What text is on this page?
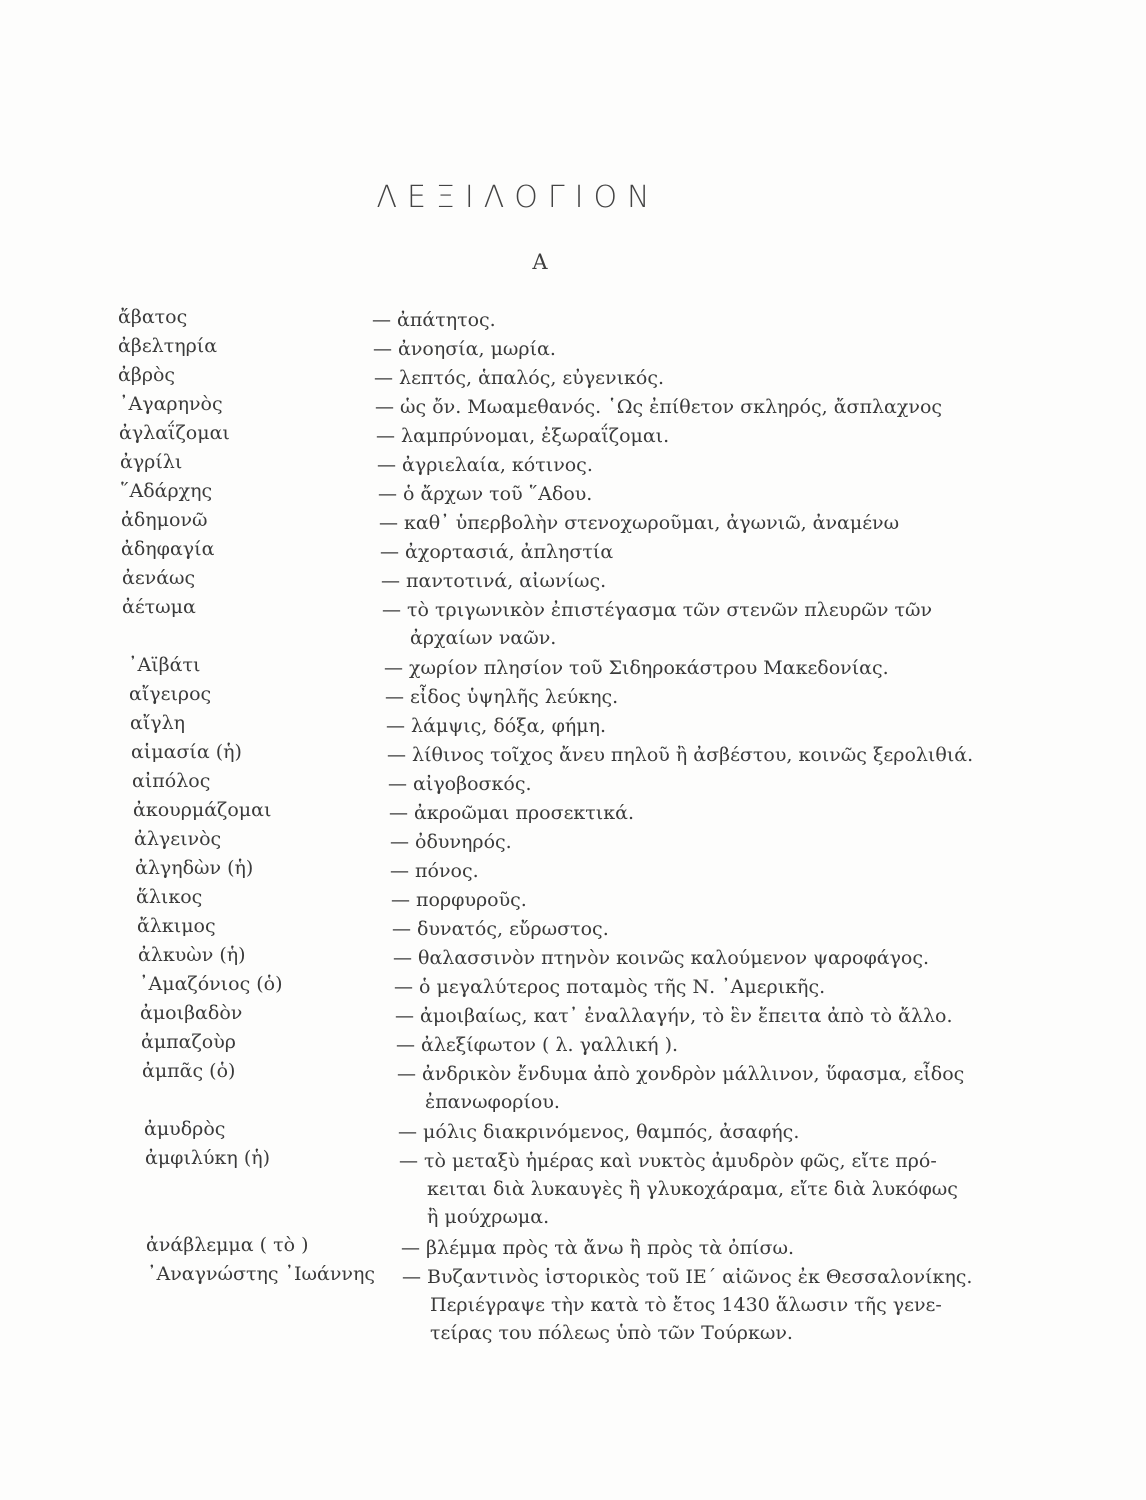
ΛΕΞΙΛΟΓΙΟΝ
Α
ἄβατος	— ἀπάτητος.
ἀβελτηρία	— ἀνοησία, μωρία.
ἀβρὸς	— λεπτός, ἁπαλός, εὐγενικός.
᾿Αγαρηνὸς	— ὡς ὄν. Μωαμεθανός. ῾Ως ἐπίθετον σκληρός, ἄσπλαχνος
ἀγλαΐζομαι	— λαμπρύνομαι, ἐξωραΐζομαι.
ἀγρίλι	— ἀγριελαία, κότινος.
῞Αδάρχης	— ὁ ἄρχων τοῦ ῞Αδου.
ἀδημονῶ	— καθ᾿ ὑπερβολὴν στενοχωροῦμαι, ἀγωνιῶ, ἀναμένω
ἀδηφαγία	— ἀχορτασιά, ἀπληστία
ἀενάως	— παντοτινά, αἰωνίως.
ἀέτωμα	— τὸ τριγωνικὸν ἐπιστέγασμα τῶν στενῶν πλευρῶν τῶν
ἀρχαίων ναῶν.
᾿Αϊβάτι	— χωρίον πλησίον τοῦ Σιδηροκάστρου Μακεδονίας.
αἴγειρος	— εἶδος ὑψηλῆς λεύκης.
αἴγλη	— λάμψις, δόξα, φήμη.
αἱμασία (ἡ)	— λίθινος τοῖχος ἄνευ πηλοῦ ἢ ἀσβέστου, κοινῶς ξερολιθιά.
αἰπόλος	— αἰγοβοσκός.
ἀκουρμάζομαι	— ἀκροῶμαι προσεκτικά.
ἀλγεινὸς	— ὀδυνηρός.
ἀλγηδὼν (ἡ)	— πόνος.
ἅλικος	— πορφυροῦς.
ἄλκιμος	— δυνατός, εὔρωστος.
ἀλκυὼν (ἡ)	— θαλασσινὸν πτηνὸν κοινῶς καλούμενον ψαροφάγος.
᾿Αμαζόνιος (ὁ)	— ὁ μεγαλύτερος ποταμὸς τῆς Ν. ᾿Αμερικῆς.
ἀμοιβαδὸν	— ἀμοιβαίως, κατ᾿ ἐναλλαγήν, τὸ ἓν ἔπειτα ἀπὸ τὸ ἄλλο.
ἀμπαζοὺρ	— ἀλεξίφωτον ( λ. γαλλική ).
ἀμπᾶς (ὁ)	— ἀνδρικὸν ἔνδυμα ἀπὸ χονδρὸν μάλλινον, ὕφασμα, εἶδος
ἐπανωφορίου.
ἀμυδρὸς	— μόλις διακρινόμενος, θαμπός, ἀσαφής.
ἀμφιλύκη (ἡ)	— τὸ μεταξὺ ἡμέρας καὶ νυκτὸς ἀμυδρὸν φῶς, εἴτε πρό-
κειται διὰ λυκαυγὲς ἢ γλυκοχάραμα, εἴτε διὰ λυκόφως
ἢ μούχρωμα.
ἀνάβλεμμα ( τὸ )	— βλέμμα πρὸς τὰ ἄνω ἢ πρὸς τὰ ὀπίσω.
᾿Αναγνώστης ᾿Ιωάννης — Βυζαντινὸς ἱστορικὸς τοῦ ΙΕ΄ αἰῶνος ἐκ Θεσσαλονίκης.
Περιέγραψε τὴν κατὰ τὸ ἔτος 1430 ἅλωσιν τῆς γενε-
τείρας του πόλεως ὑπὸ τῶν Τούρκων.
